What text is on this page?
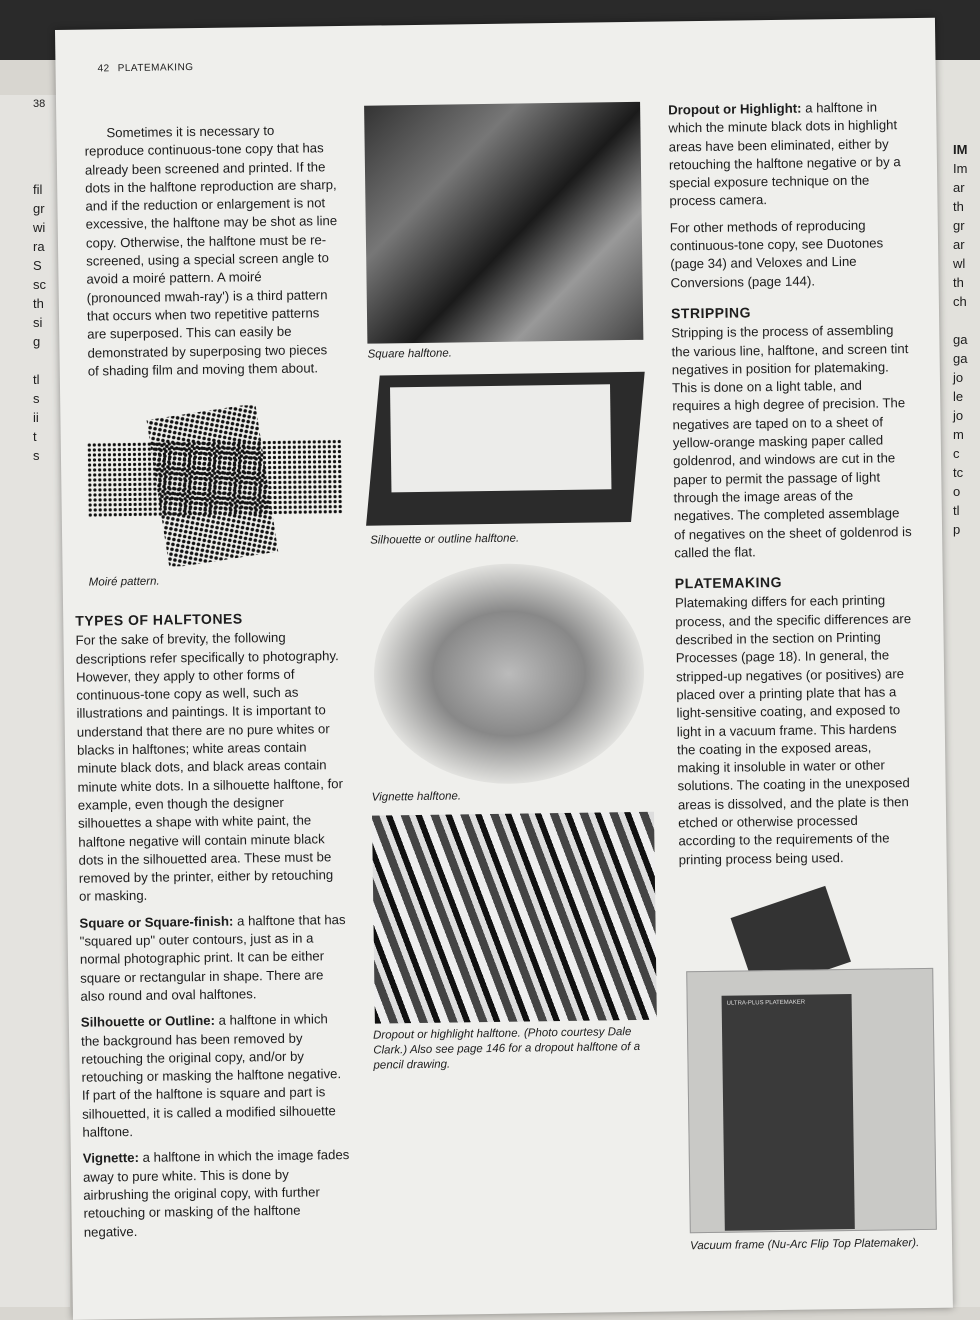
38
fil
gr
wi
ra
S
sc
th
si
g

tl
s
ii
t
s
IM
Im
ar
th
gr
ar
wl
th
ch

ga
ga
jo
le
jo
m
c
tc
o
tl
p
42 PLATEMAKING

Sometimes it is necessary to reproduce continuous-tone copy that has already been screened and printed. If the dots in the halftone reproduction are sharp, and if the reduction or enlargement is not excessive, the halftone may be shot as line copy. Otherwise, the halftone must be re-screened, using a special screen angle to avoid a moiré pattern. A moiré (pronounced mwah-ray') is a third pattern that occurs when two repetitive patterns are superposed. This can easily be demonstrated by superposing two pieces of shading film and moving them about.

Moiré pattern.
TYPES OF HALFTONES

For the sake of brevity, the following descriptions refer specifically to photography. However, they apply to other forms of continuous-tone copy as well, such as illustrations and paintings. It is important to understand that there are no pure whites or blacks in halftones; white areas contain minute black dots, and black areas contain minute white dots. In a silhouette halftone, for example, even though the designer silhouettes a shape with white paint, the halftone negative will contain minute black dots in the silhouetted area. These must be removed by the printer, either by retouching or masking.

Square or Square-finish: a halftone that has "squared up" outer contours, just as in a normal photographic print. It can be either square or rectangular in shape. There are also round and oval halftones.

Silhouette or Outline: a halftone in which the background has been removed by retouching the original copy, and/or by retouching or masking the halftone negative. If part of the halftone is square and part is silhouetted, it is called a modified silhouette halftone.

Vignette: a halftone in which the image fades away to pure white. This is done by airbrushing the original copy, with further retouching or masking of the halftone negative.

Square halftone.
Silhouette or outline halftone.
Vignette halftone.
Dropout or highlight halftone. (Photo courtesy Dale Clark.) Also see page 146 for a dropout halftone of a pencil drawing.

Dropout or Highlight: a halftone in which the minute black dots in highlight areas have been eliminated, either by retouching the halftone negative or by a special exposure technique on the process camera.

For other methods of reproducing continuous-tone copy, see Duotones (page 34) and Veloxes and Line Conversions (page 144).

STRIPPING

Stripping is the process of assembling the various line, halftone, and screen tint negatives in position for platemaking. This is done on a light table, and requires a high degree of precision. The negatives are taped on to a sheet of yellow-orange masking paper called goldenrod, and windows are cut in the paper to permit the passage of light through the image areas of the negatives. The completed assemblage of negatives on the sheet of goldenrod is called the flat.

PLATEMAKING

Platemaking differs for each printing process, and the specific differences are described in the section on Printing Processes (page 18). In general, the stripped-up negatives (or positives) are placed over a printing plate that has a light-sensitive coating, and exposed to light in a vacuum frame. This hardens the coating in the exposed areas, making it insoluble in water or other solutions. The coating in the unexposed areas is dissolved, and the plate is then etched or otherwise processed according to the requirements of the printing process being used.

ULTRA-PLUS PLATEMAKER
Vacuum frame (Nu-Arc Flip Top Platemaker).
